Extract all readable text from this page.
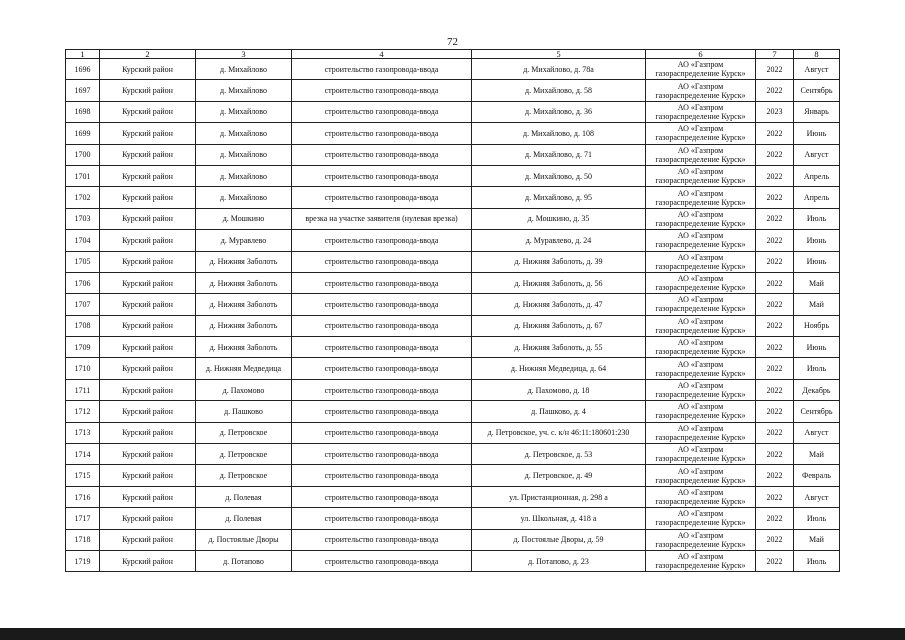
72
1	2	3	4	5	6	7	8
1696	Курский район	д. Михайлово	строительство газопровода-ввода	д. Михайлово, д. 78а	АО «Газпром газораспределение Курск»	2022	Август
1697	Курский район	д. Михайлово	строительство газопровода-ввода	д. Михайлово, д. 58	АО «Газпром газораспределение Курск»	2022	Сентябрь
1698	Курский район	д. Михайлово	строительство газопровода-ввода	д. Михайлово, д. 36	АО «Газпром газораспределение Курск»	2023	Январь
1699	Курский район	д. Михайлово	строительство газопровода-ввода	д. Михайлово, д. 108	АО «Газпром газораспределение Курск»	2022	Июнь
1700	Курский район	д. Михайлово	строительство газопровода-ввода	д. Михайлово, д. 71	АО «Газпром газораспределение Курск»	2022	Август
1701	Курский район	д. Михайлово	строительство газопровода-ввода	д. Михайлово, д. 50	АО «Газпром газораспределение Курск»	2022	Апрель
1702	Курский район	д. Михайлово	строительство газопровода-ввода	д. Михайлово, д. 95	АО «Газпром газораспределение Курск»	2022	Апрель
1703	Курский район	д. Мошкино	врезка на участке заявителя (нулевая врезка)	д. Мошкино, д. 35	АО «Газпром газораспределение Курск»	2022	Июль
1704	Курский район	д. Муравлево	строительство газопровода-ввода	д. Муравлево, д. 24	АО «Газпром газораспределение Курск»	2022	Июнь
1705	Курский район	д. Нижняя Заболоть	строительство газопровода-ввода	д. Нижняя Заболоть, д. 39	АО «Газпром газораспределение Курск»	2022	Июнь
1706	Курский район	д. Нижняя Заболоть	строительство газопровода-ввода	д. Нижняя Заболоть, д. 56	АО «Газпром газораспределение Курск»	2022	Май
1707	Курский район	д. Нижняя Заболоть	строительство газопровода-ввода	д. Нижняя Заболоть, д. 47	АО «Газпром газораспределение Курск»	2022	Май
1708	Курский район	д. Нижняя Заболоть	строительство газопровода-ввода	д. Нижняя Заболоть, д. 67	АО «Газпром газораспределение Курск»	2022	Ноябрь
1709	Курский район	д. Нижняя Заболоть	строительство газопровода-ввода	д. Нижняя Заболоть, д. 55	АО «Газпром газораспределение Курск»	2022	Июнь
1710	Курский район	д. Нижняя Медведица	строительство газопровода-ввода	д. Нижняя Медведица, д. 64	АО «Газпром газораспределение Курск»	2022	Июль
1711	Курский район	д. Пахомово	строительство газопровода-ввода	д. Пахомово, д. 18	АО «Газпром газораспределение Курск»	2022	Декабрь
1712	Курский район	д. Пашково	строительство газопровода-ввода	д. Пашково, д. 4	АО «Газпром газораспределение Курск»	2022	Сентябрь
1713	Курский район	д. Петровское	строительство газопровода-ввода	д. Петровское, уч. с. к/н 46:11:180601:230	АО «Газпром газораспределение Курск»	2022	Август
1714	Курский район	д. Петровское	строительство газопровода-ввода	д. Петровское, д. 53	АО «Газпром газораспределение Курск»	2022	Май
1715	Курский район	д. Петровское	строительство газопровода-ввода	д. Петровское, д. 49	АО «Газпром газораспределение Курск»	2022	Февраль
1716	Курский район	д. Полевая	строительство газопровода-ввода	ул. Пристанционная, д. 298 а	АО «Газпром газораспределение Курск»	2022	Август
1717	Курский район	д. Полевая	строительство газопровода-ввода	ул. Школьная, д. 418 а	АО «Газпром газораспределение Курск»	2022	Июль
1718	Курский район	д. Постоялые Дворы	строительство газопровода-ввода	д. Постоялые Дворы, д. 59	АО «Газпром газораспределение Курск»	2022	Май
1719	Курский район	д. Потапово	строительство газопровода-ввода	д. Потапово, д. 23	АО «Газпром газораспределение Курск»	2022	Июль
